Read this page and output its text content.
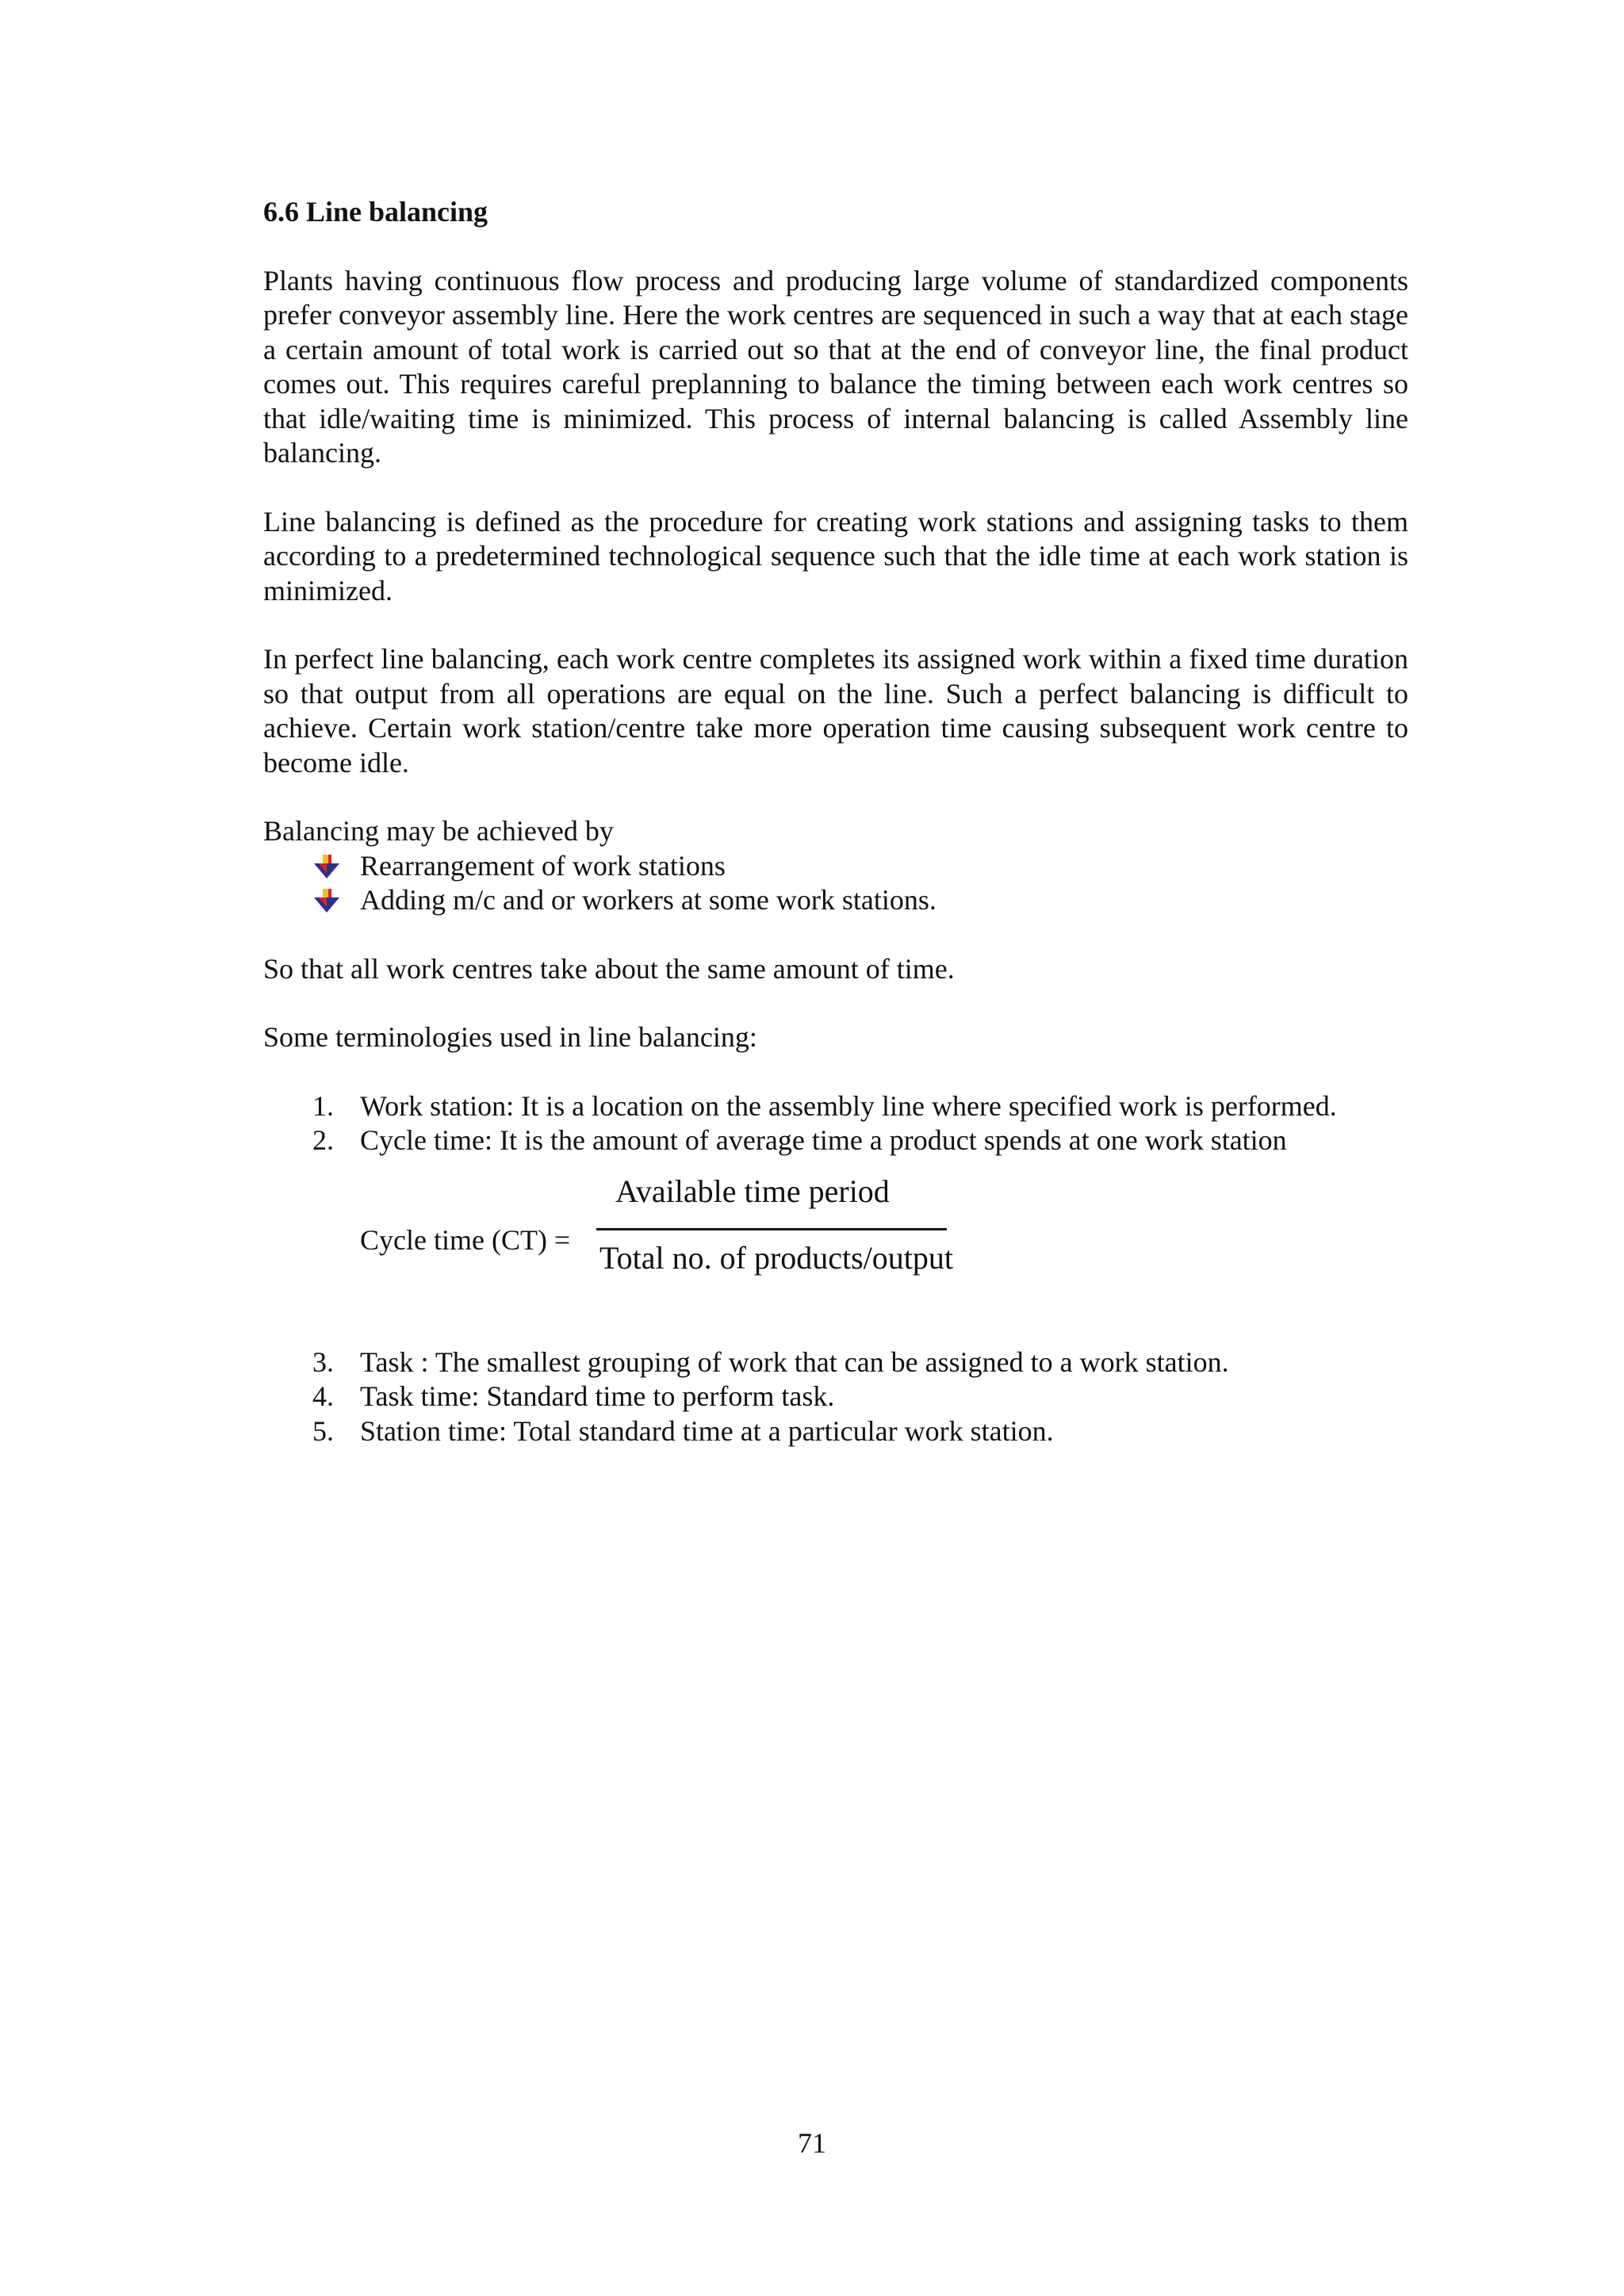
6.6 Line balancing

Plants having continuous flow process and producing large volume of standardized components prefer conveyor assembly line. Here the work centres are sequenced in such a way that at each stage a certain amount of total work is carried out so that at the end of conveyor line, the final product comes out. This requires careful preplanning to balance the timing between each work centres so that idle/waiting time is minimized. This process of internal balancing is called Assembly line balancing.

Line balancing is defined as the procedure for creating work stations and assigning tasks to them according to a predetermined technological sequence such that the idle time at each work station is minimized.

In perfect line balancing, each work centre completes its assigned work within a fixed time duration so that output from all operations are equal on the line. Such a perfect balancing is difficult to achieve. Certain work station/centre take more operation time causing subsequent work centre to become idle.

Balancing may be achieved by

Rearrangement of work stations
Adding m/c and or workers at some work stations.

So that all work centres take about the same amount of time.

Some terminologies used in line balancing:

1. Work station: It is a location on the assembly line where specified work is performed.
2. Cycle time: It is the amount of average time a product spends at one work station
Cycle time (CT) =
Available time period
Total no. of products/output
3. Task : The smallest grouping of work that can be assigned to a work station.
4. Task time: Standard time to perform task.
5. Station time: Total standard time at a particular work station.
71
